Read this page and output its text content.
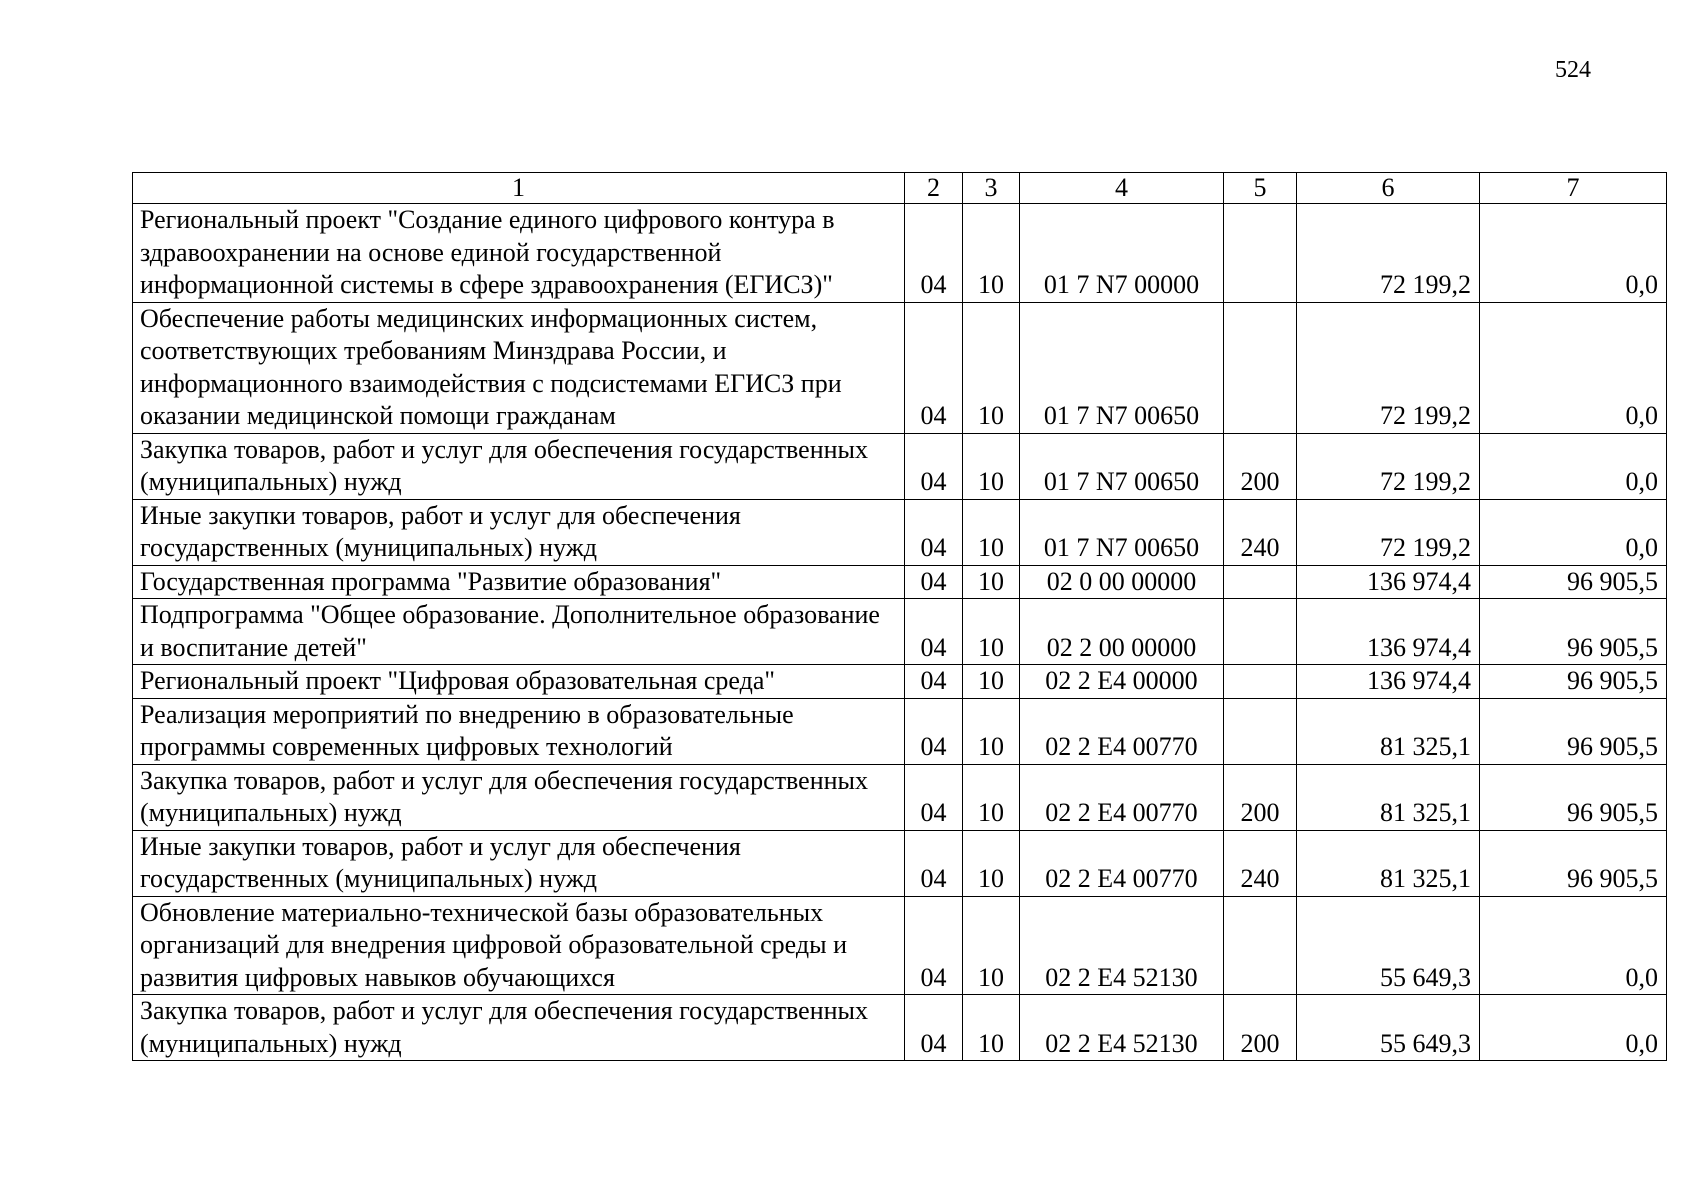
524
1	2	3	4	5	6	7
Региональный проект "Создание единого цифрового контура в здравоохранении на основе единой государственной информационной системы в сфере здравоохранения (ЕГИСЗ)"	04	10	01 7 N7 00000		72 199,2	0,0
Обеспечение работы медицинских информационных систем, соответствующих требованиям Минздрава России, и информационного взаимодействия с подсистемами ЕГИСЗ при оказании медицинской помощи гражданам	04	10	01 7 N7 00650		72 199,2	0,0
Закупка товаров, работ и услуг для обеспечения государственных (муниципальных) нужд	04	10	01 7 N7 00650	200	72 199,2	0,0
Иные закупки товаров, работ и услуг для обеспечения государственных (муниципальных) нужд	04	10	01 7 N7 00650	240	72 199,2	0,0
Государственная программа "Развитие образования"	04	10	02 0 00 00000		136 974,4	96 905,5
Подпрограмма "Общее образование. Дополнительное образование и воспитание детей"	04	10	02 2 00 00000		136 974,4	96 905,5
Региональный проект "Цифровая образовательная среда"	04	10	02 2 E4 00000		136 974,4	96 905,5
Реализация мероприятий по внедрению в образовательные программы современных цифровых технологий	04	10	02 2 E4 00770		81 325,1	96 905,5
Закупка товаров, работ и услуг для обеспечения государственных (муниципальных) нужд	04	10	02 2 E4 00770	200	81 325,1	96 905,5
Иные закупки товаров, работ и услуг для обеспечения государственных (муниципальных) нужд	04	10	02 2 E4 00770	240	81 325,1	96 905,5
Обновление материально-технической базы образовательных организаций для внедрения цифровой образовательной среды и развития цифровых навыков обучающихся	04	10	02 2 E4 52130		55 649,3	0,0
Закупка товаров, работ и услуг для обеспечения государственных (муниципальных) нужд	04	10	02 2 E4 52130	200	55 649,3	0,0
